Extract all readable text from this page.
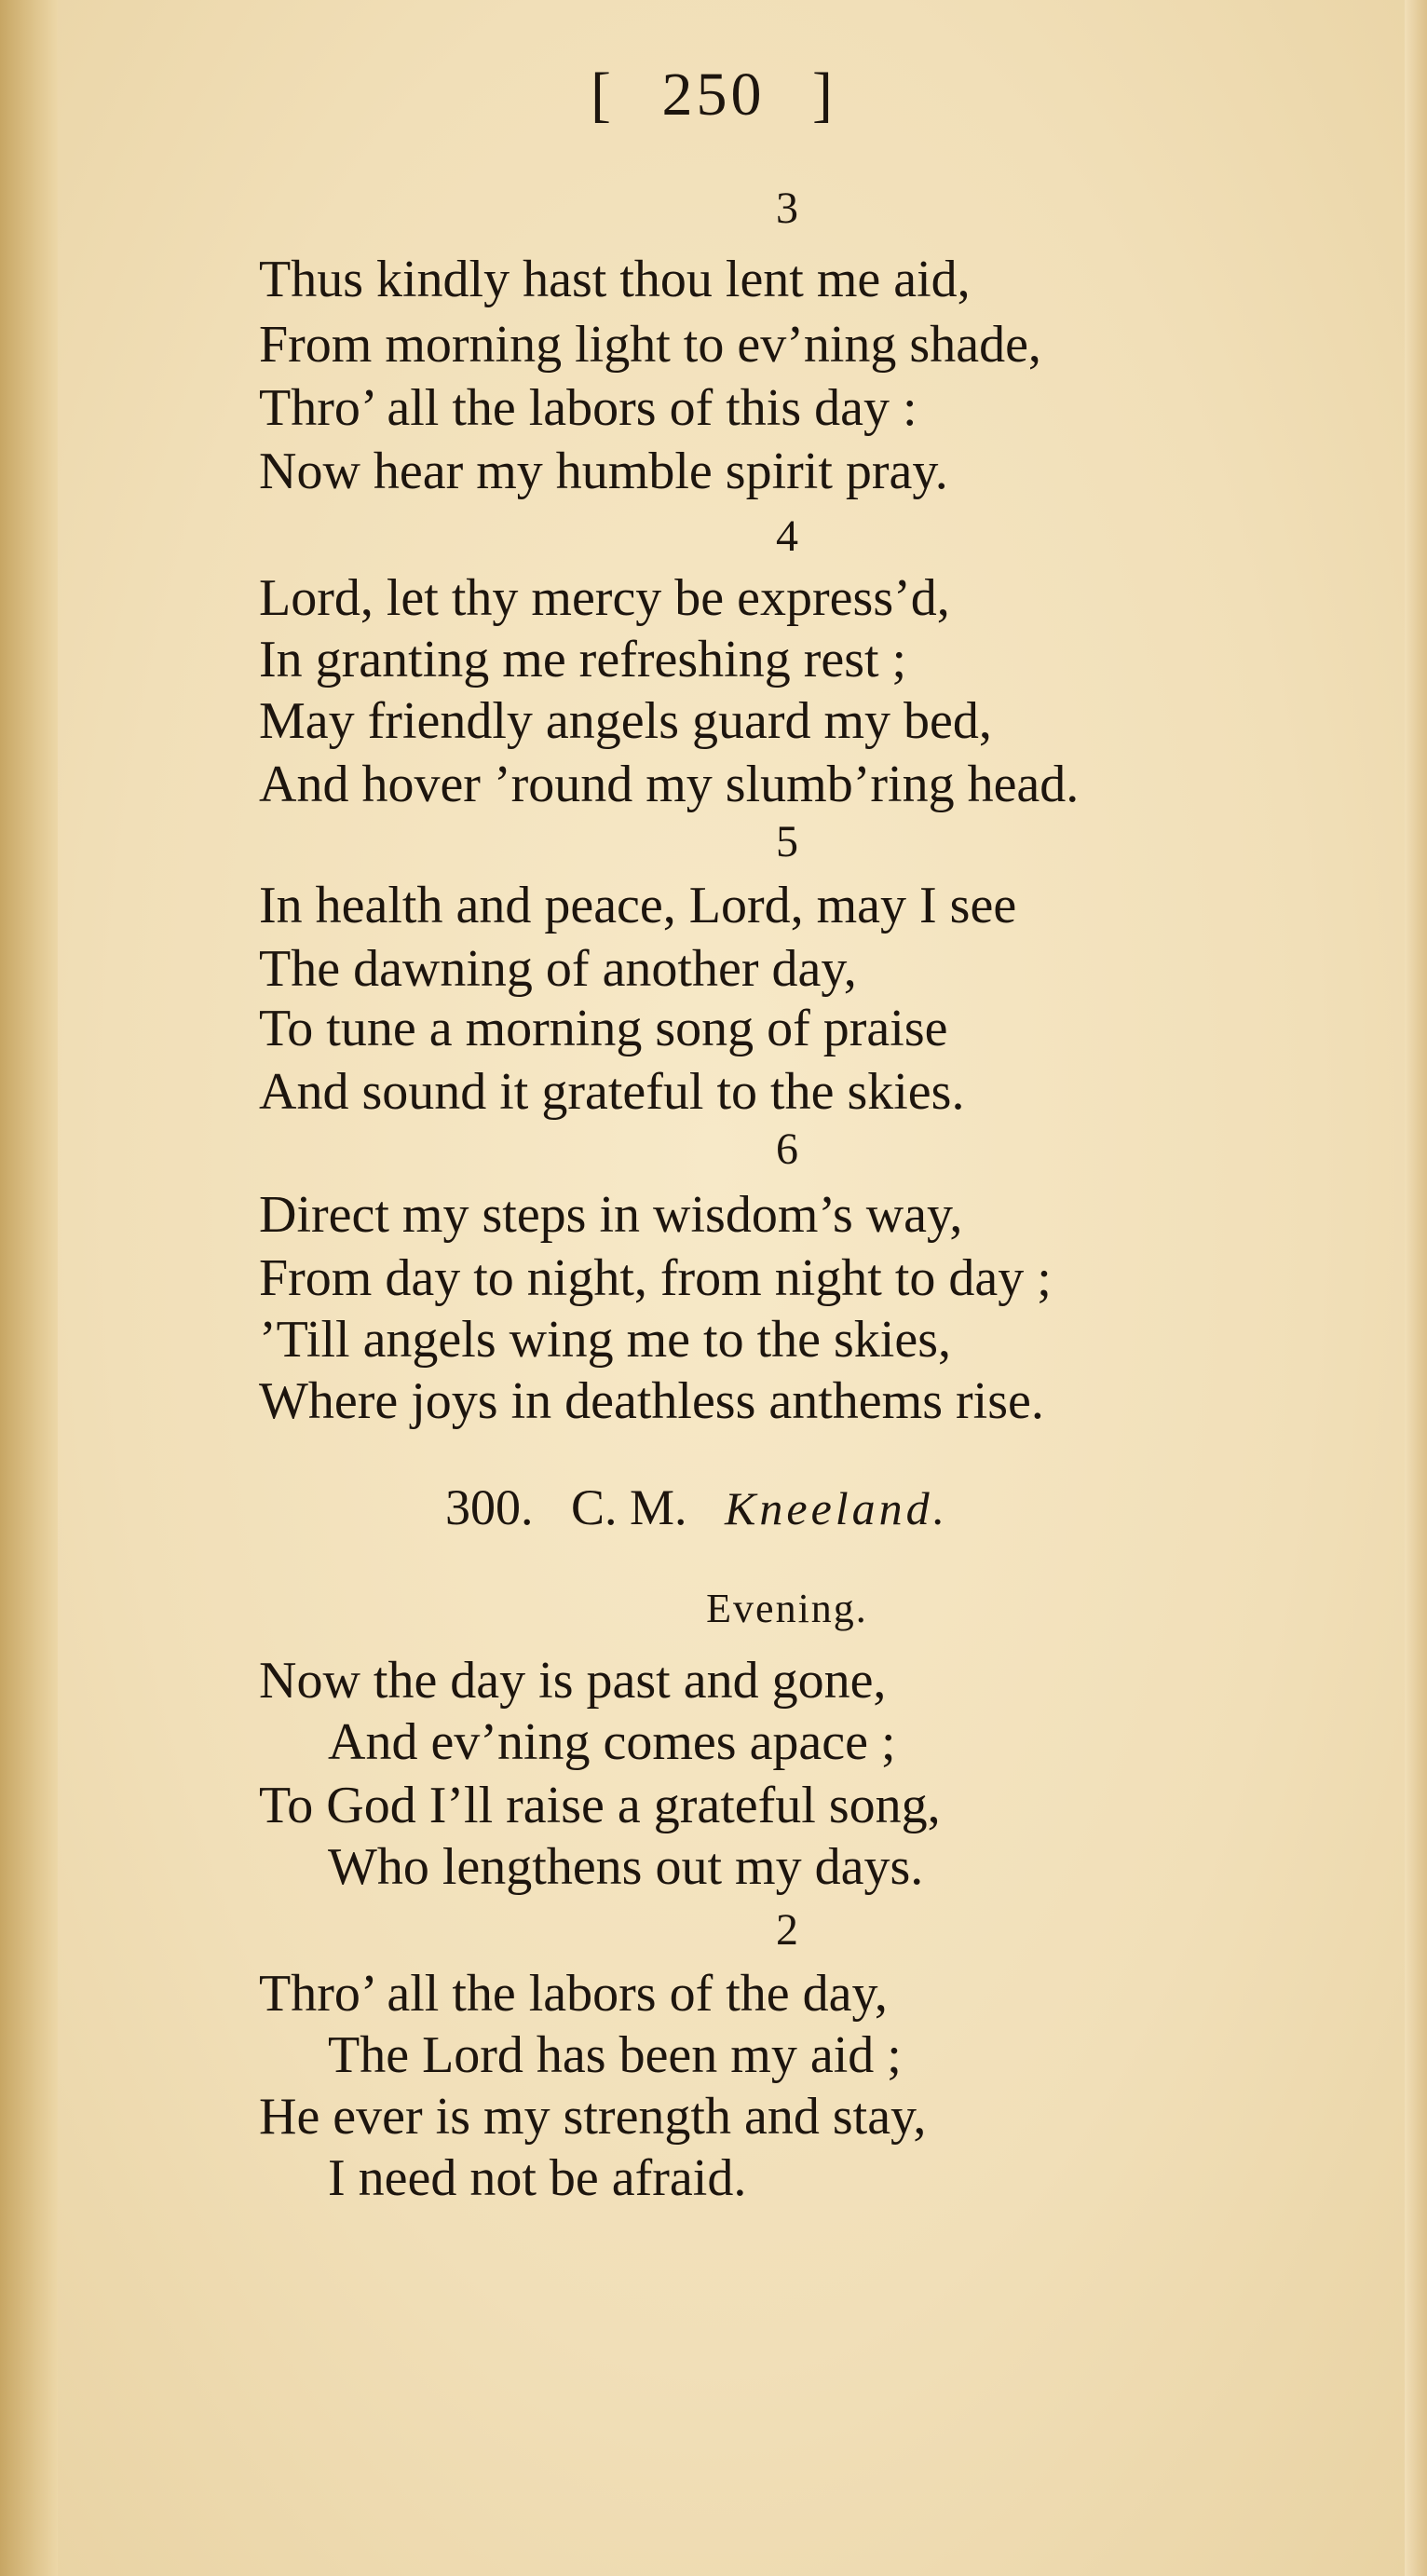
[ 250 ]
3
Thus kindly hast thou lent me aid,
From morning light to ev’ning shade,
Thro’ all the labors of this day :
Now hear my humble spirit pray.
4
Lord, let thy mercy be express’d,
In granting me refreshing rest ;
May friendly angels guard my bed,
And hover ’round my slumb’ring head.
5
In health and peace, Lord, may I see
The dawning of another day,
To tune a morning song of praise
And sound it grateful to the skies.
6
Direct my steps in wisdom’s way,
From day to night, from night to day ;
’Till angels wing me to the skies,
Where joys in deathless anthems rise.
300. C. M. Kneeland.
Evening.
Now the day is past and gone,
And ev’ning comes apace ;
To God I’ll raise a grateful song,
Who lengthens out my days.
2
Thro’ all the labors of the day,
The Lord has been my aid ;
He ever is my strength and stay,
I need not be afraid.
